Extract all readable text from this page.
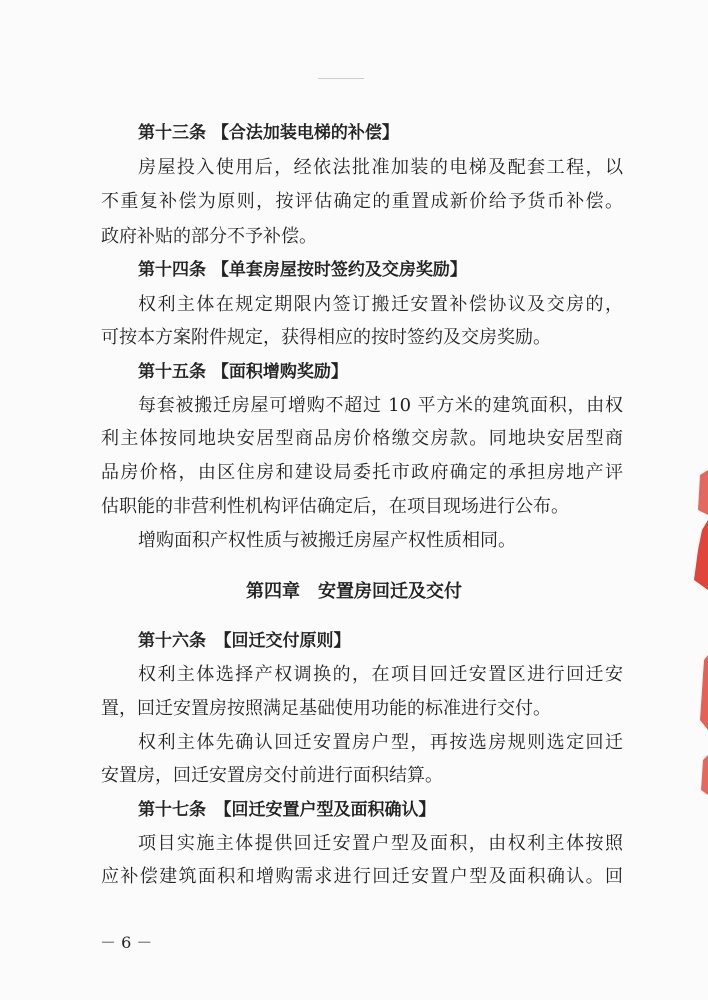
第十三条 【合法加装电梯的补偿】
房屋投入使用后，经依法批准加装的电梯及配套工程，以
不重复补偿为原则，按评估确定的重置成新价给予货币补偿。
政府补贴的部分不予补偿。
第十四条 【单套房屋按时签约及交房奖励】
权利主体在规定期限内签订搬迁安置补偿协议及交房的，
可按本方案附件规定，获得相应的按时签约及交房奖励。
第十五条 【面积增购奖励】
每套被搬迁房屋可增购不超过 10 平方米的建筑面积，由权
利主体按同地块安居型商品房价格缴交房款。同地块安居型商
品房价格，由区住房和建设局委托市政府确定的承担房地产评
估职能的非营利性机构评估确定后，在项目现场进行公布。
增购面积产权性质与被搬迁房屋产权性质相同。
第十六条　【回迁交付原则】
权利主体选择产权调换的，在项目回迁安置区进行回迁安
置，回迁安置房按照满足基础使用功能的标准进行交付。
权利主体先确认回迁安置房户型，再按选房规则选定回迁
安置房，回迁安置房交付前进行面积结算。
第十七条　【回迁安置户型及面积确认】
项目实施主体提供回迁安置户型及面积，由权利主体按照
应补偿建筑面积和增购需求进行回迁安置户型及面积确认。回
第四章　安置房回迁及交付
－ 6 －
